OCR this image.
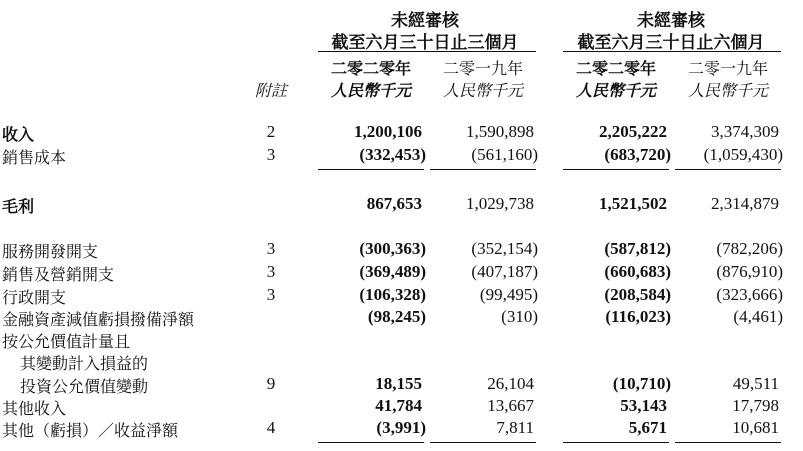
未經審核
截至六月三十日止三個月
未經審核
截至六月三十日止六個月
二零二零年	二零一九年	二零二零年	二零一九年
附註	人民幣千元	人民幣千元	人民幣千元	人民幣千元
收入	2	1,200,106	1,590,898	2,205,222	3,374,309
銷售成本	3	(332,453)	(561,160)	(683,720)	(1,059,430)
毛利	867,653	1,029,738	1,521,502	2,314,879
服務開發開支	3	(300,363)	(352,154)	(587,812)	(782,206)
銷售及營銷開支	3	(369,489)	(407,187)	(660,683)	(876,910)
行政開支	3	(106,328)	(99,495)	(208,584)	(323,666)
金融資產減值虧損撥備淨額	(98,245)	(310)	(116,023)	(4,461)
按公允價值計量且
其變動計入損益的
投資公允價值變動	9	18,155	26,104	(10,710)	49,511
其他收入	41,784	13,667	53,143	17,798
其他（虧損）／收益淨額	4	(3,991)	7,811	5,671	10,681
